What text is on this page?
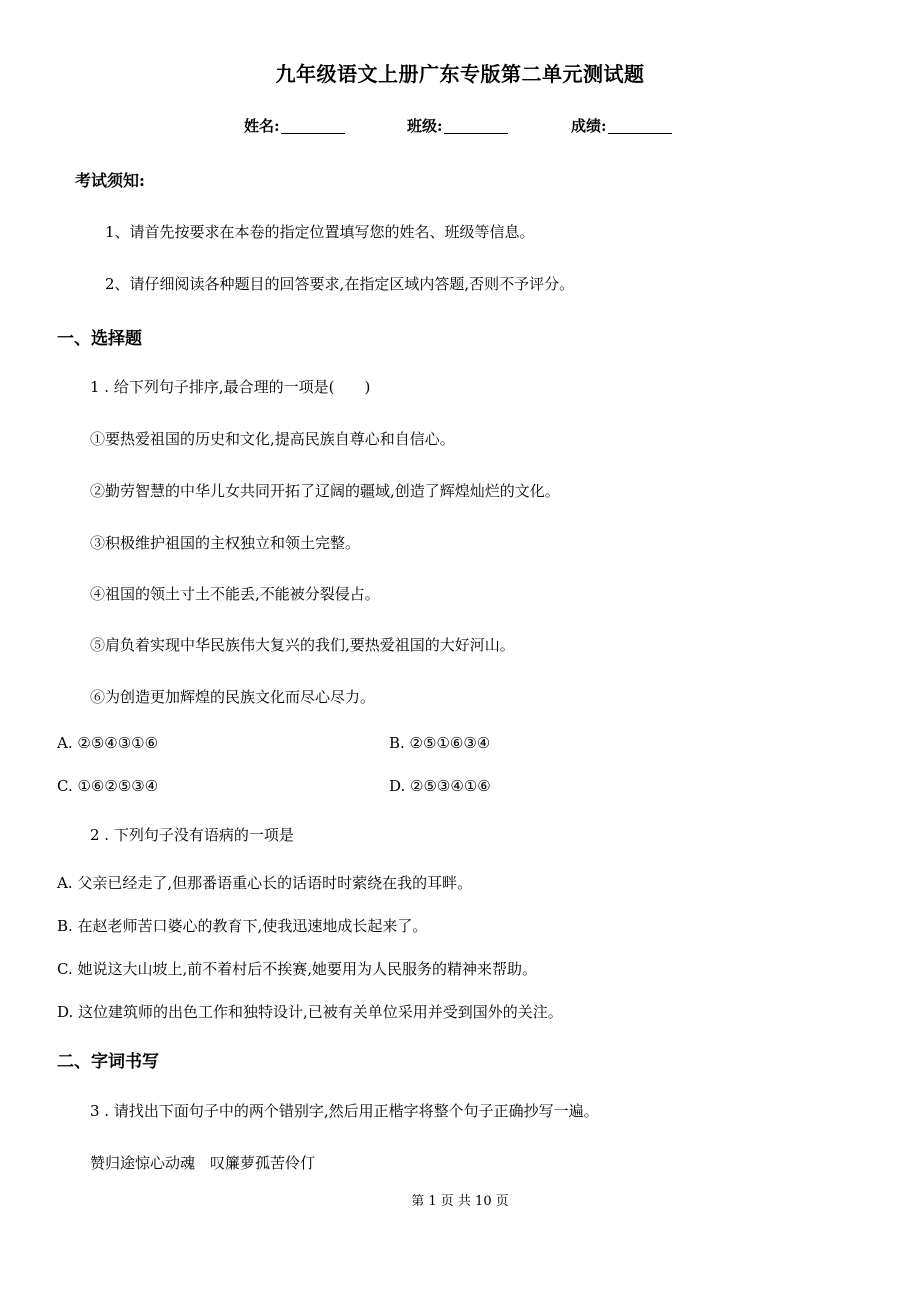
九年级语文上册广东专版第二单元测试题
姓名:	班级:	成绩:
考试须知:
1、请首先按要求在本卷的指定位置填写您的姓名、班级等信息。
2、请仔细阅读各种题目的回答要求,在指定区域内答题,否则不予评分。
一、选择题
1 . 给下列句子排序,最合理的一项是(　　)
①要热爱祖国的历史和文化,提高民族自尊心和自信心。
②勤劳智慧的中华儿女共同开拓了辽阔的疆域,创造了辉煌灿烂的文化。
③积极维护祖国的主权独立和领土完整。
④祖国的领土寸土不能丢,不能被分裂侵占。
⑤肩负着实现中华民族伟大复兴的我们,要热爱祖国的大好河山。
⑥为创造更加辉煌的民族文化而尽心尽力。
A. ②⑤④③①⑥	B. ②⑤①⑥③④
C. ①⑥②⑤③④	D. ②⑤③④①⑥
2 . 下列句子没有语病的一项是
A. 父亲已经走了,但那番语重心长的话语时时萦绕在我的耳畔。
B. 在赵老师苦口婆心的教育下,使我迅速地成长起来了。
C. 她说这大山坡上,前不着村后不挨赛,她要用为人民服务的精神来帮助。
D. 这位建筑师的出色工作和独特设计,已被有关单位采用并受到国外的关注。
二、字词书写
3 . 请找出下面句子中的两个错别字,然后用正楷字将整个句子正确抄写一遍。
赞归途惊心动魂　叹簾萝孤苦伶仃
第 1 页 共 10 页
